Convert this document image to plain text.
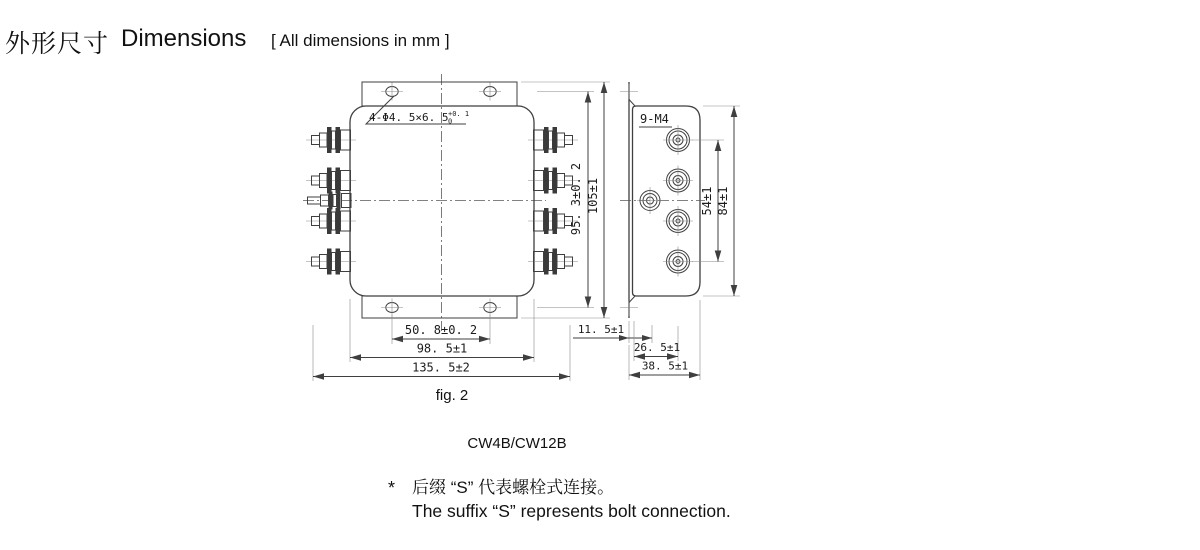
外形尺寸 Dimensions [ All dimensions in mm ]
4-Φ4. 5×6. 5 +0. 1
0
95. 3±0. 2 105±1
50. 8±0. 2
98. 5±1
135. 5±2
9-M4
54±1 84±1
11. 5±1
26. 5±1
38. 5±1
fig. 2
CW4B/CW12B
* 后缀 “S” 代表螺栓式连接。
The suffix “S” represents bolt connection.
